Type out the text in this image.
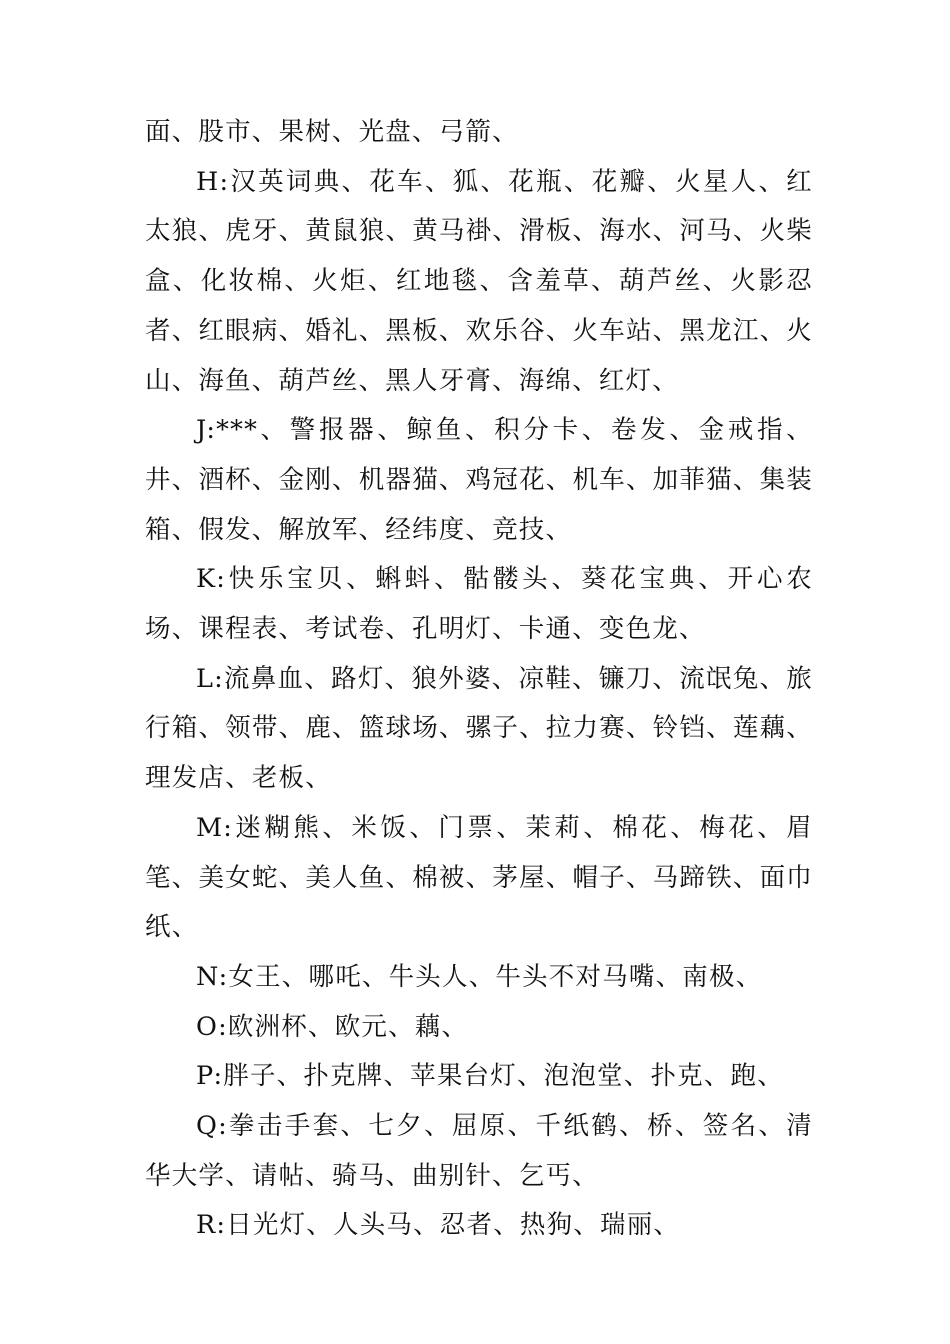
面、股市、果树、光盘、弓箭、

H:汉英词典、花车、狐、花瓶、花瓣、火星人、红太狼、虎牙、黄鼠狼、黄马褂、滑板、海水、河马、火柴盒、化妆棉、火炬、红地毯、含羞草、葫芦丝、火影忍者、红眼病、婚礼、黑板、欢乐谷、火车站、黑龙江、火山、海鱼、葫芦丝、黑人牙膏、海绵、红灯、

J:***、警报器、鲸鱼、积分卡、卷发、金戒指、井、酒杯、金刚、机器猫、鸡冠花、机车、加菲猫、集装箱、假发、解放军、经纬度、竞技、

K:快乐宝贝、蝌蚪、骷髅头、葵花宝典、开心农场、课程表、考试卷、孔明灯、卡通、变色龙、

L:流鼻血、路灯、狼外婆、凉鞋、镰刀、流氓兔、旅行箱、领带、鹿、篮球场、骡子、拉力赛、铃铛、莲藕、理发店、老板、

M:迷糊熊、米饭、门票、茉莉、棉花、梅花、眉笔、美女蛇、美人鱼、棉被、茅屋、帽子、马蹄铁、面巾纸、

N:女王、哪吒、牛头人、牛头不对马嘴、南极、

O:欧洲杯、欧元、藕、

P:胖子、扑克牌、苹果台灯、泡泡堂、扑克、跑、

Q:拳击手套、七夕、屈原、千纸鹤、桥、签名、清华大学、请帖、骑马、曲别针、乞丐、

R:日光灯、人头马、忍者、热狗、瑞丽、
